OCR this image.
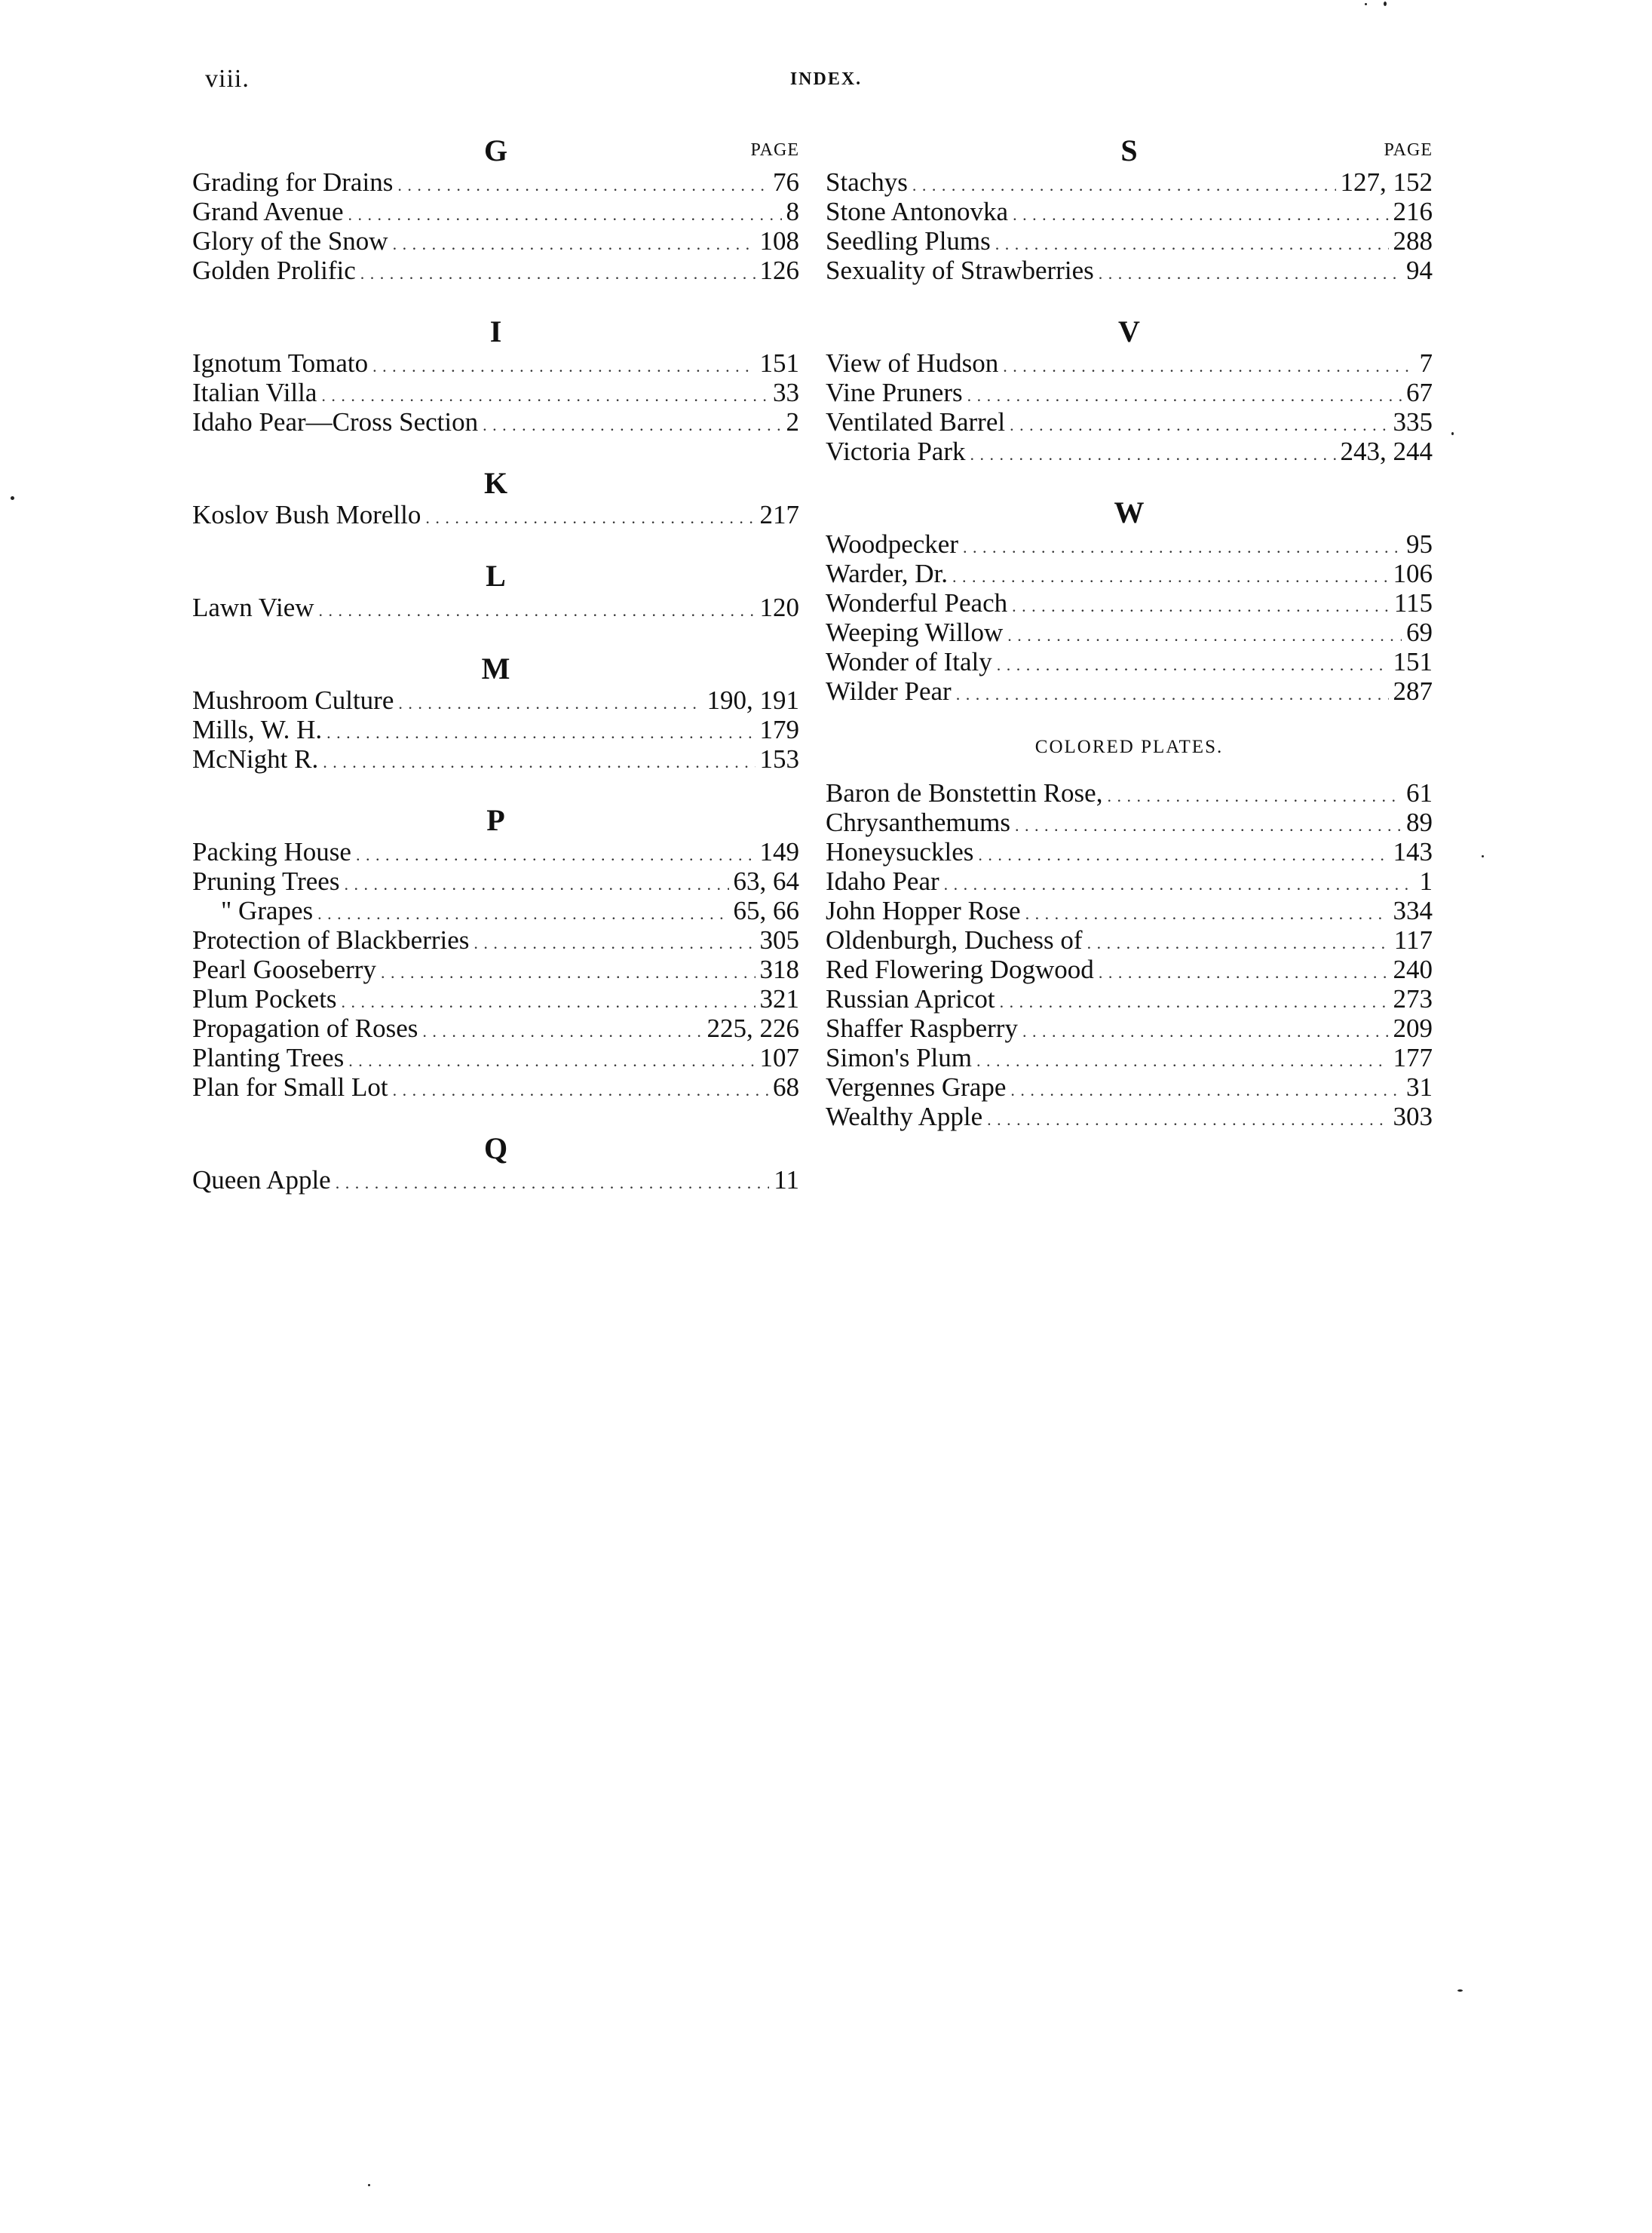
viii.	INDEX.
G	PAGE
Grading for Drains . . .	76
Grand Avenue . . .	8
Glory of the Snow . . .	108
Golden Prolific . . .	126
I
Ignotum Tomato . . .	151
Italian Villa . . .	33
Idaho Pear—Cross Section . . .	2
K
Koslov Bush Morello . . .	217
L
Lawn View . . .	120
M
Mushroom Culture . . .	190, 191
Mills, W. H. . . .	179
McNight R. . . .	153
P
Packing House . . .	149
Pruning Trees . . .	63, 64
" Grapes . . .	65, 66
Protection of Blackberries . . .	305
Pearl Gooseberry . . .	318
Plum Pockets . . .	321
Propagation of Roses . . .	225, 226
Planting Trees . . .	107
Plan for Small Lot . . .	68
Q
Queen Apple . . .	11
S	PAGE
Stachys . . .	127, 152
Stone Antonovka . . .	216
Seedling Plums . . .	288
Sexuality of Strawberries . . .	94
V
View of Hudson . . .	7
Vine Pruners . . .	67
Ventilated Barrel . . .	335
Victoria Park . . .	243, 244
W
Woodpecker . . .	95
Warder, Dr. . . .	106
Wonderful Peach . . .	115
Weeping Willow . . .	69
Wonder of Italy . . .	151
Wilder Pear . . .	287
COLORED PLATES.
Baron de Bonstettin Rose, . . .	61
Chrysanthemums . . .	89
Honeysuckles . . .	143
Idaho Pear . . .	1
John Hopper Rose . . .	334
Oldenburgh, Duchess of . . .	117
Red Flowering Dogwood . . .	240
Russian Apricot . . .	273
Shaffer Raspberry . . .	209
Simon's Plum . . .	177
Vergennes Grape . . .	31
Wealthy Apple . . .	303
